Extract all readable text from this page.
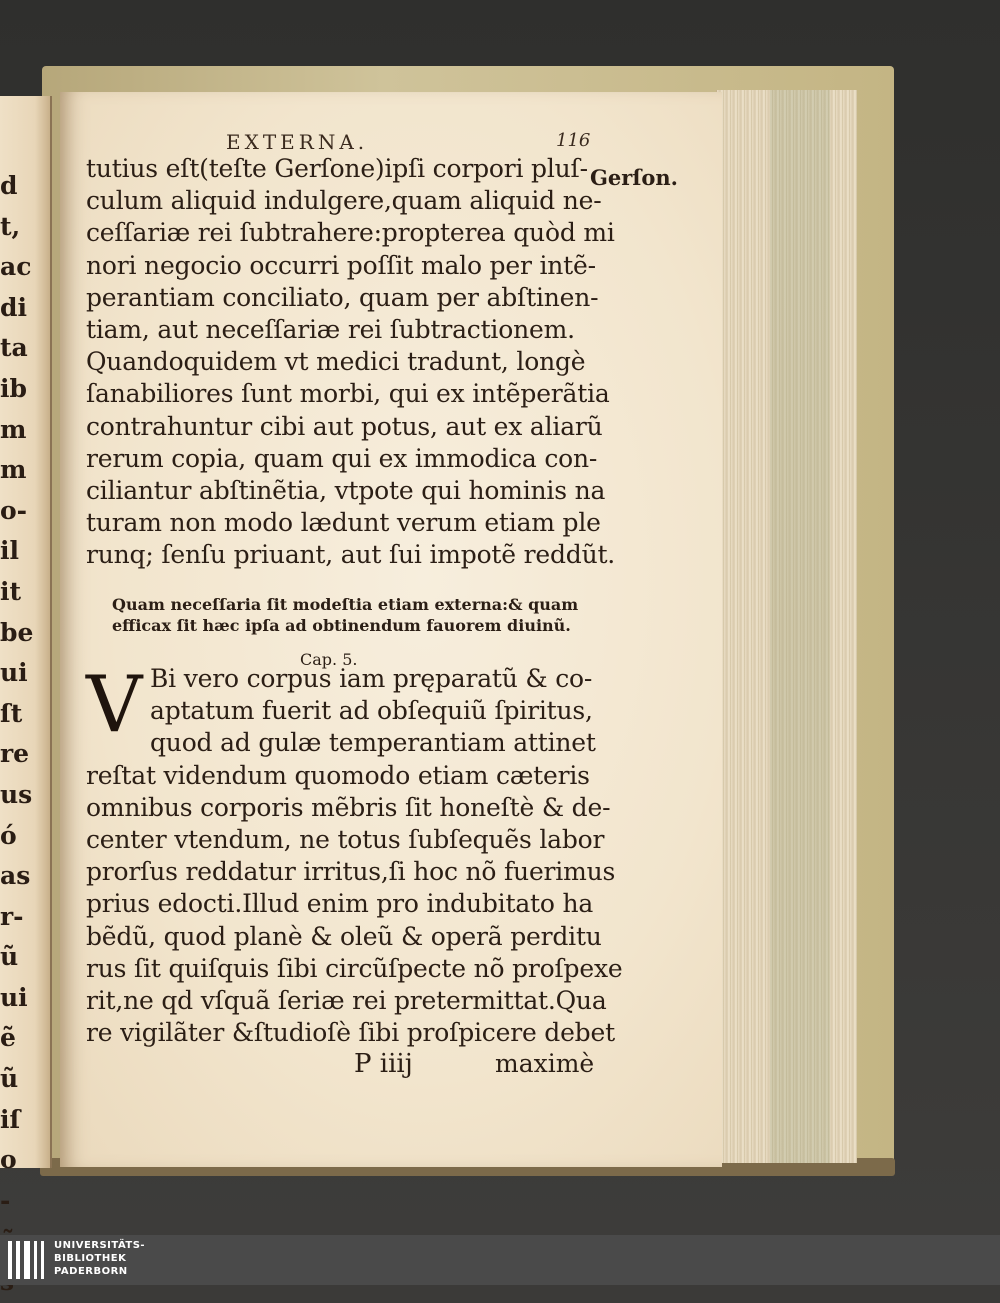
d
t,
ac
di
ta
ib
m
m
o-
il
it
be
ui
ſt
re
us
ó
as
r-
ũ
ui
ẽ
ũ
iſ
o
-
EXTERNA.	116
Gerſon.
tutius eſt(teſte Gerſone)ipſi corpori pluſ-
culum aliquid indulgere,quam aliquid ne-
ceſſariæ rei ſubtrahere:propterea quòd mi
nori negocio occurri poſſit malo per intẽ-
perantiam conciliato, quam per abſtinen-
tiam, aut neceſſariæ rei ſubtractionem.
Quandoquidem vt medici tradunt, longè
ſanabiliores ſunt morbi, qui ex intẽperãtia
contrahuntur cibi aut potus, aut ex aliarũ
rerum copia, quam qui ex immodica con-
ciliantur abſtinẽtia, vtpote qui hominis na
turam non modo lædunt verum etiam ple
runq; ſenſu priuant, aut ſui impotẽ reddũt.
Quam neceſſaria ſit modeſtia etiam externa:& quam
efficax ſit hæc ipſa ad obtinendum fauorem diuinũ.
Cap. 5.
V Bi vero corpus iam pręparatũ & co-
aptatum fuerit ad obſequiũ ſpiritus,
quod ad gulæ temperantiam attinet
reſtat videndum quomodo etiam cæteris
omnibus corporis mẽbris ſit honeſtè & de-
center vtendum, ne totus ſubſequẽs labor
prorſus reddatur irritus,ſi hoc nõ fuerimus
prius edocti.Illud enim pro indubitato ha
bẽdũ, quod planè & oleũ & operã perditu
rus ſit quiſquis ſibi circũſpecte nõ proſpexe
rit,ne qd vſquã ſeriæ rei pretermittat.Qua
re vigilãter &ſtudioſè ſibi proſpicere debet
P iiij	maximè
UNIVERSITÄTS-
BIBLIOTHEK
PADERBORN
